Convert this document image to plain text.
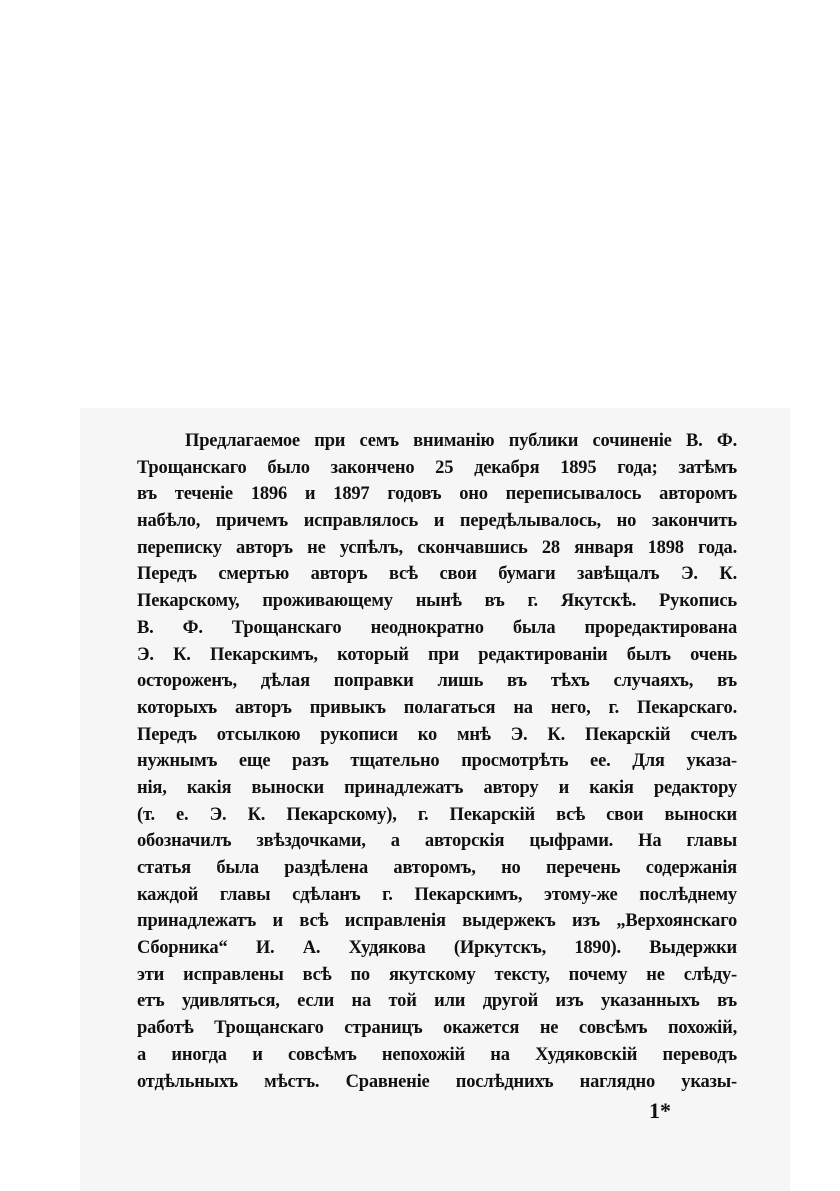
Предлагаемое при семъ вниманію публики сочиненіе В. Ф.
Трощанскаго было закончено 25 декабря 1895 года; затѣмъ
въ теченіе 1896 и 1897 годовъ оно переписывалось авторомъ
набѣло, причемъ исправлялось и передѣлывалось, но закончить
переписку авторъ не успѣлъ, скончавшись 28 января 1898 года.
Передъ смертью авторъ всѣ свои бумаги завѣщалъ Э. К.
Пекарскому, проживающему нынѣ въ г. Якутскѣ. Рукопись
В. Ф. Трощанскаго неоднократно была проредактирована
Э. К. Пекарскимъ, который при редактированіи былъ очень
остороженъ, дѣлая поправки лишь въ тѣхъ случаяхъ, въ
которыхъ авторъ привыкъ полагаться на него, г. Пекарскаго.
Передъ отсылкою рукописи ко мнѣ Э. К. Пекарскій счелъ
нужнымъ еще разъ тщательно просмотрѣть ее. Для указа-
нія, какія выноски принадлежатъ автору и какія редактору
(т. е. Э. К. Пекарскому), г. Пекарскій всѣ свои выноски
обозначилъ звѣздочками, а авторскія цыфрами. На главы
статья была раздѣлена авторомъ, но перечень содержанія
каждой главы сдѣланъ г. Пекарскимъ, этому-же послѣднему
принадлежатъ и всѣ исправленія выдержекъ изъ „Верхоянскаго
Сборника“ И. А. Худякова (Иркутскъ, 1890). Выдержки
эти исправлены всѣ по якутскому тексту, почему не слѣду-
етъ удивляться, если на той или другой изъ указанныхъ въ
работѣ Трощанскаго страницъ окажется не совсѣмъ похожій,
а иногда и совсѣмъ непохожій на Худяковскій переводъ
отдѣльныхъ мѣстъ. Сравненіе послѣднихъ наглядно указы-
1*
